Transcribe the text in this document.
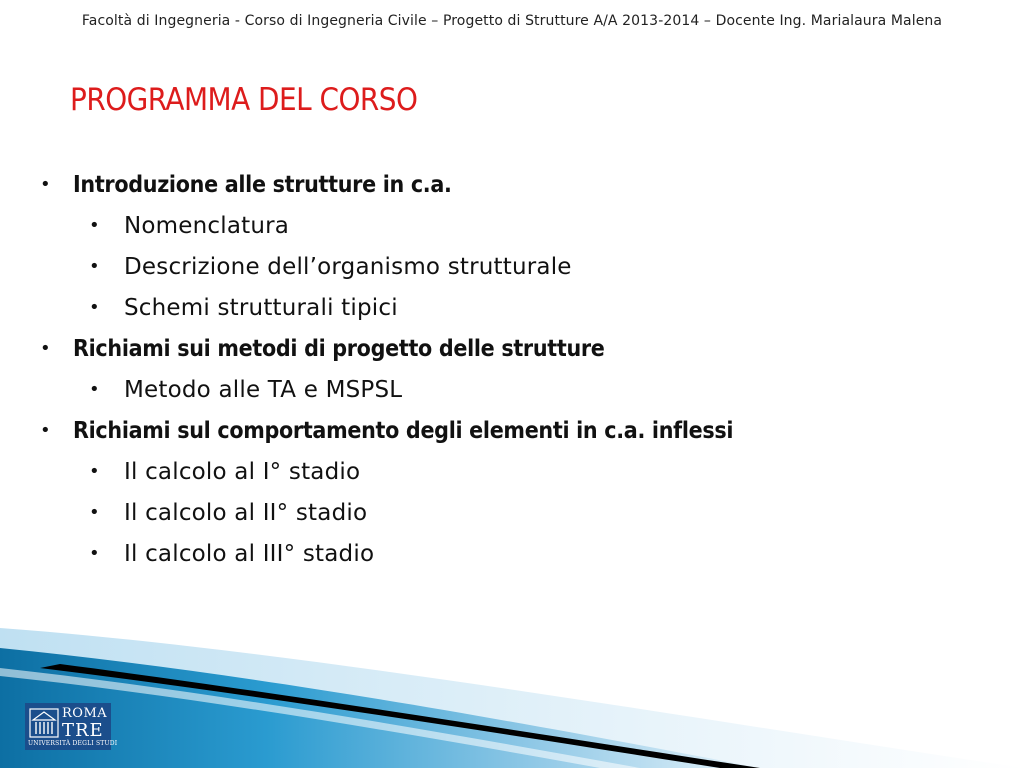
Facoltà di Ingegneria - Corso di Ingegneria Civile – Progetto di Strutture A/A 2013-2014 – Docente Ing. Marialaura Malena
PROGRAMMA DEL CORSO
• Introduzione alle strutture in c.a.
• Nomenclatura
• Descrizione dell’organismo strutturale
• Schemi strutturali tipici
• Richiami sui metodi di progetto delle strutture
• Metodo alle TA e MSPSL
• Richiami sul comportamento degli elementi in c.a. inflessi
• Il calcolo al I° stadio
• Il calcolo al II° stadio
• Il calcolo al III° stadio
ROMA
TRE
UNIVERSITÀ DEGLI STUDI
